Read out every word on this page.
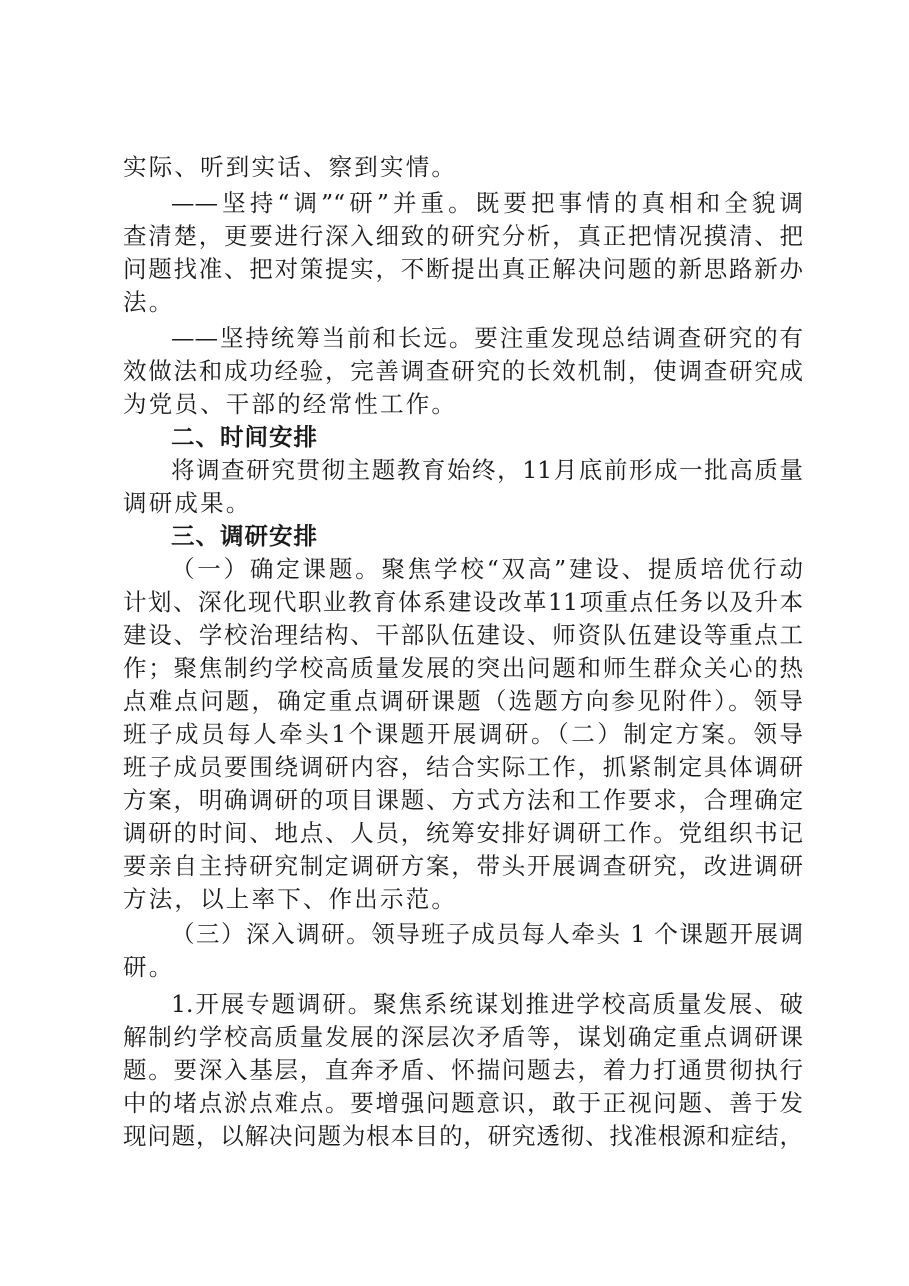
实际、听到实话、察到实情。
——坚持“调”“研”并重。既要把事情的真相和全貌调
查清楚，更要进行深入细致的研究分析，真正把情况摸清、把
问题找准、把对策提实，不断提出真正解决问题的新思路新办
法。
——坚持统筹当前和长远。要注重发现总结调查研究的有
效做法和成功经验，完善调查研究的长效机制，使调查研究成
为党员、干部的经常性工作。
二、时间安排
将调查研究贯彻主题教育始终，11月底前形成一批高质量
调研成果。
三、调研安排
（一）确定课题。聚焦学校“双高”建设、提质培优行动
计划、深化现代职业教育体系建设改革11项重点任务以及升本
建设、学校治理结构、干部队伍建设、师资队伍建设等重点工
作；聚焦制约学校高质量发展的突出问题和师生群众关心的热
点难点问题，确定重点调研课题（选题方向参见附件）。领导
班子成员每人牵头1个课题开展调研。（二）制定方案。领导
班子成员要围绕调研内容，结合实际工作，抓紧制定具体调研
方案，明确调研的项目课题、方式方法和工作要求，合理确定
调研的时间、地点、人员，统筹安排好调研工作。党组织书记
要亲自主持研究制定调研方案，带头开展调查研究，改进调研
方法，以上率下、作出示范。
（三）深入调研。领导班子成员每人牵头 1 个课题开展调
研。
1.开展专题调研。聚焦系统谋划推进学校高质量发展、破
解制约学校高质量发展的深层次矛盾等，谋划确定重点调研课
题。要深入基层，直奔矛盾、怀揣问题去，着力打通贯彻执行
中的堵点淤点难点。要增强问题意识，敢于正视问题、善于发
现问题，以解决问题为根本目的，研究透彻、找准根源和症结，
